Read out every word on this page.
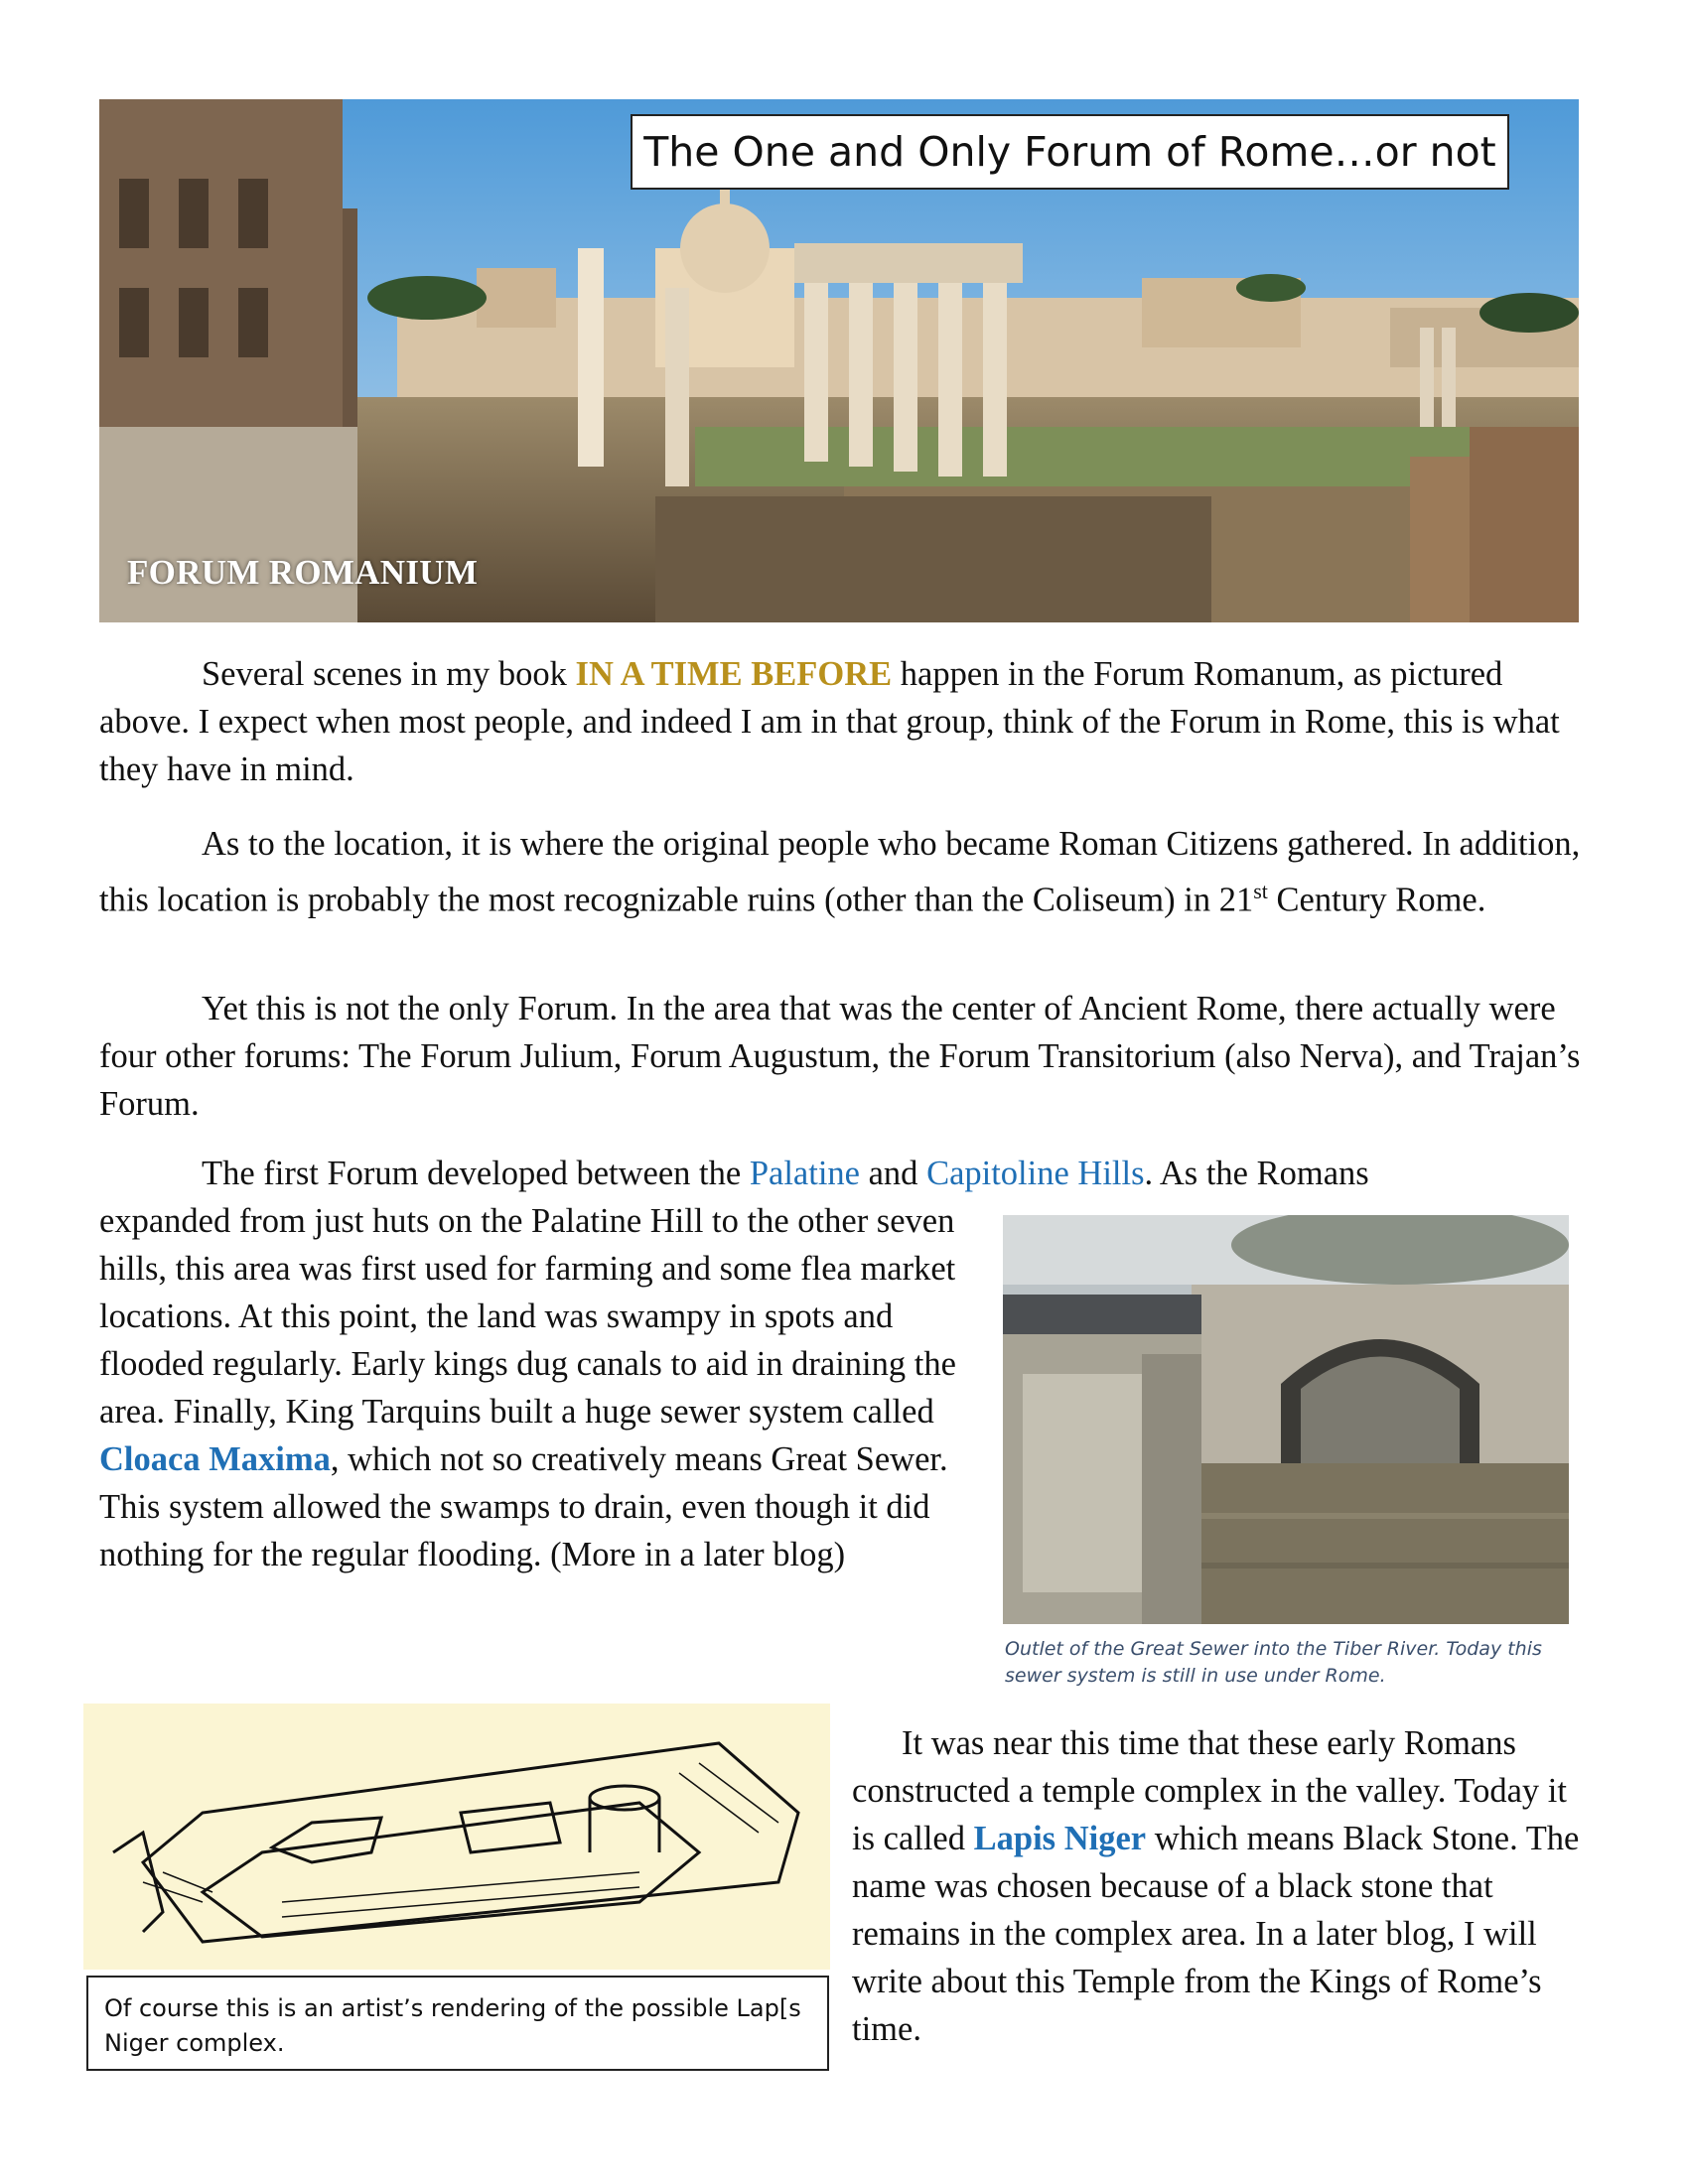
The One and Only Forum of Rome…or not
FORUM ROMANIUM

Several scenes in my book IN A TIME BEFORE happen in the Forum Romanum, as pictured above. I expect when most people, and indeed I am in that group, think of the Forum in Rome, this is what they have in mind.

As to the location, it is where the original people who became Roman Citizens gathered. In addition, this location is probably the most recognizable ruins (other than the Coliseum) in 21st Century Rome.

Yet this is not the only Forum. In the area that was the center of Ancient Rome, there actually were four other forums: The Forum Julium, Forum Augustum, the Forum Transitorium (also Nerva), and Trajan’s Forum.

The first Forum developed between the Palatine and Capitoline Hills. As the Romans

expanded from just huts on the Palatine Hill to the other seven hills, this area was first used for farming and some flea market locations. At this point, the land was swampy in spots and flooded regularly. Early kings dug canals to aid in draining the area. Finally, King Tarquins built a huge sewer system called Cloaca Maxima, which not so creatively means Great Sewer. This system allowed the swamps to drain, even though it did nothing for the regular flooding. (More in a later blog)

Outlet of the Great Sewer into the Tiber River. Today this sewer system is still in use under Rome.
Of course this is an artist’s rendering of the possible Lap[s Niger complex.

It was near this time that these early Romans constructed a temple complex in the valley. Today it is called Lapis Niger which means Black Stone. The name was chosen because of a black stone that remains in the complex area. In a later blog, I will write about this Temple from the Kings of Rome’s time.
